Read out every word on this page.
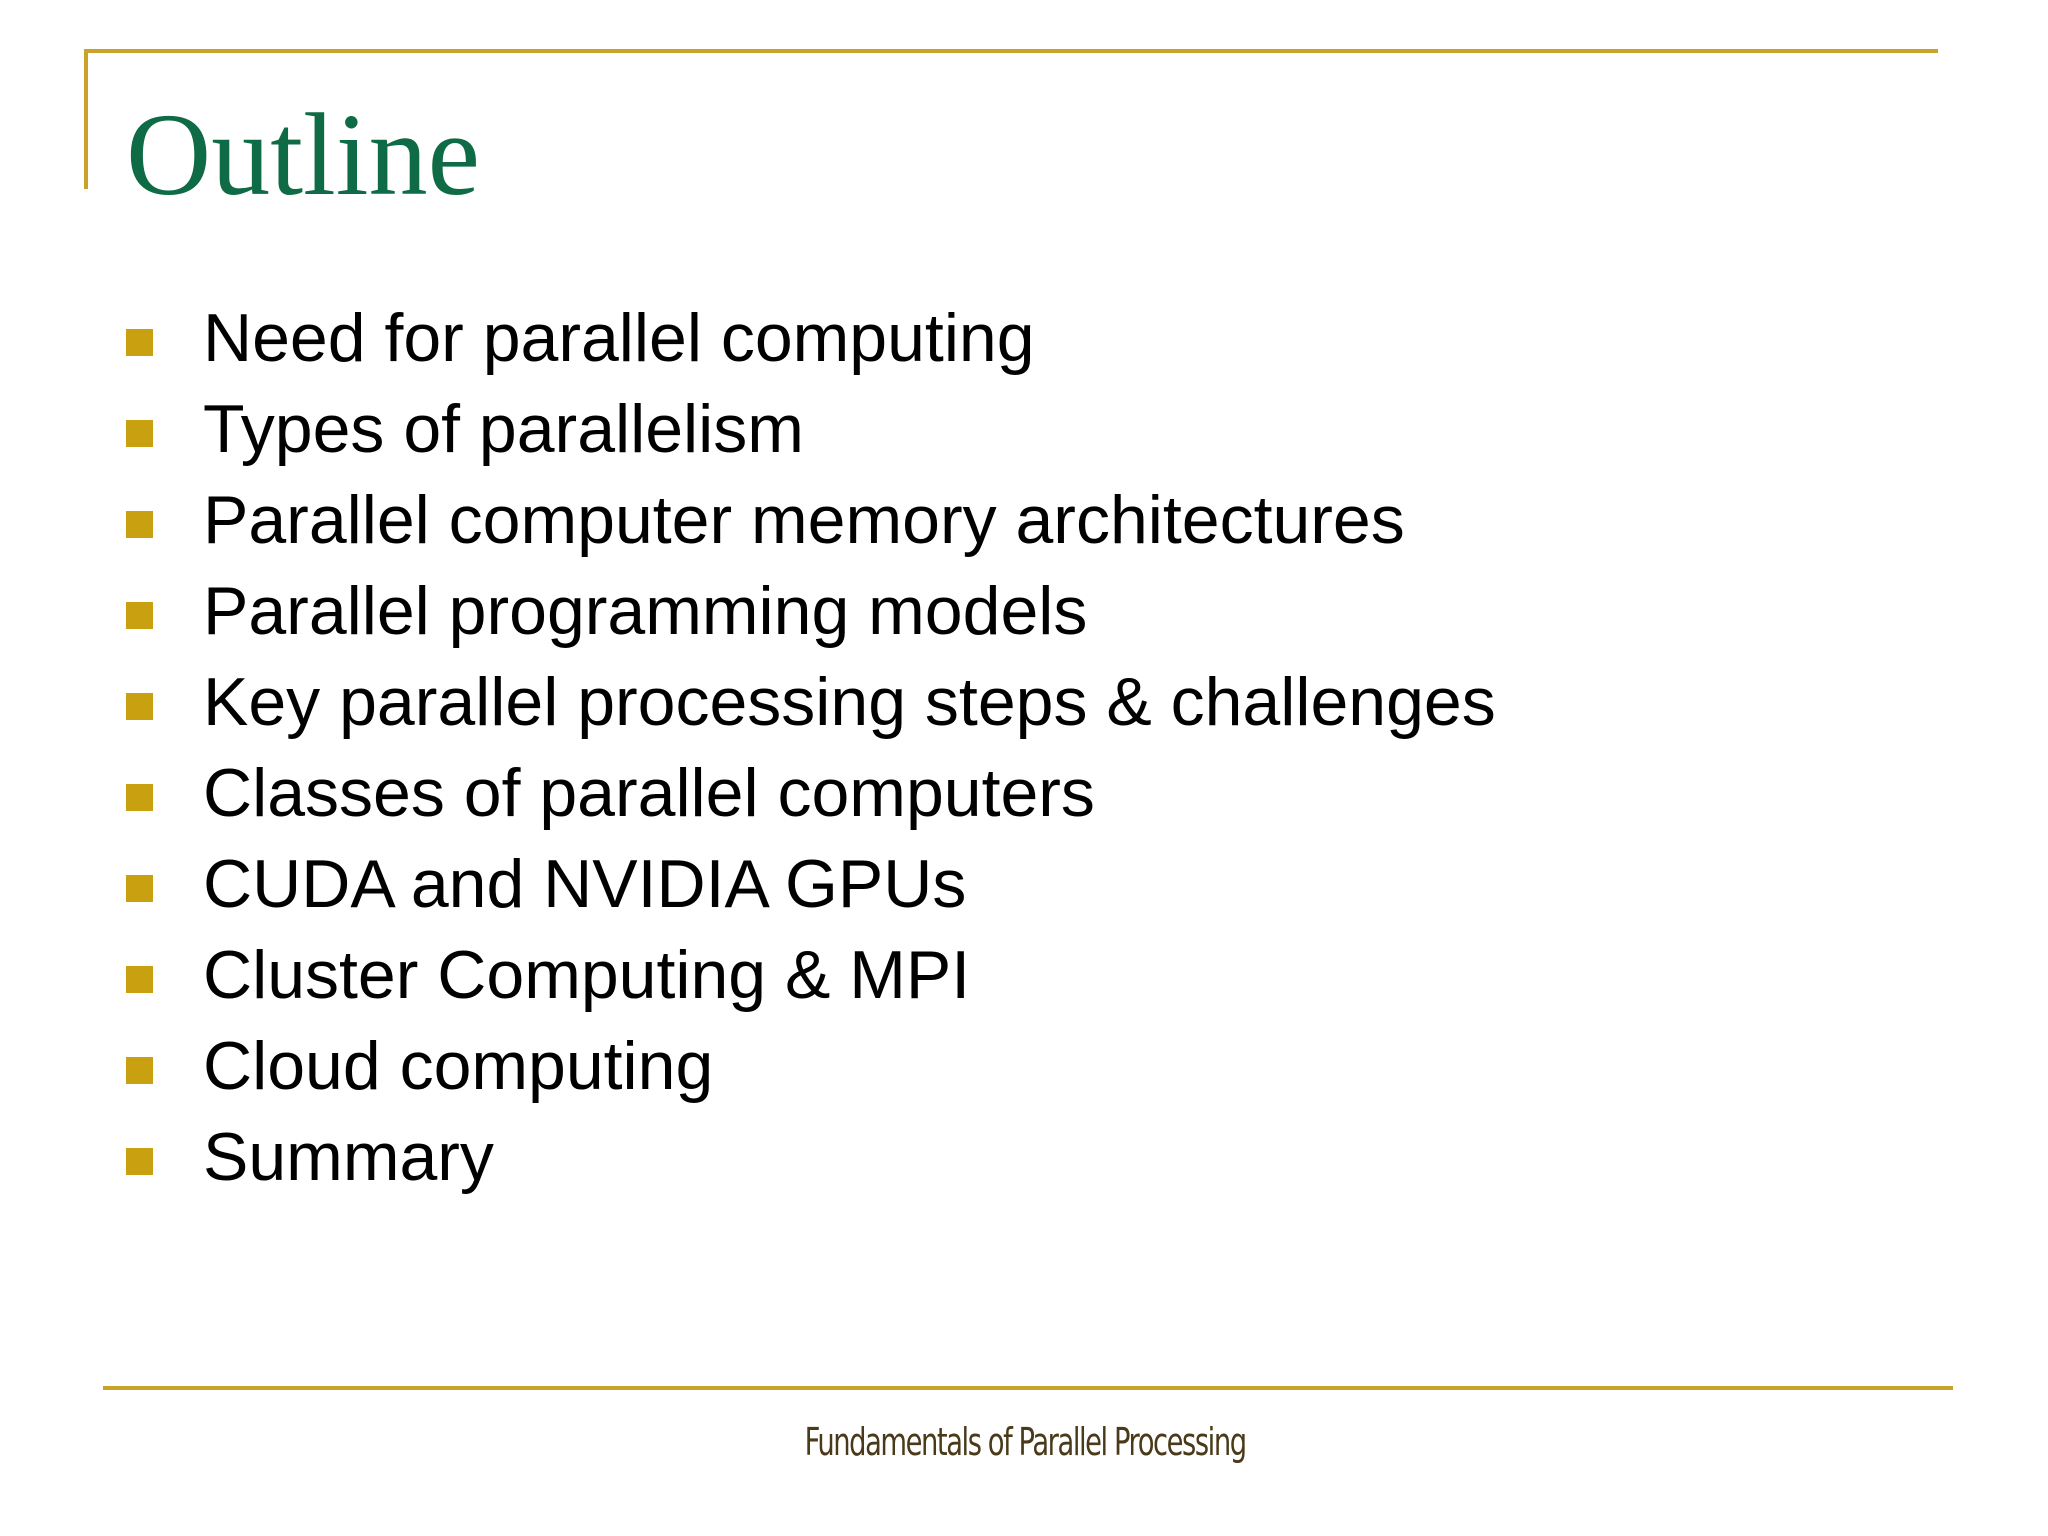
Outline
Need for parallel computing
Types of parallelism
Parallel computer memory architectures
Parallel programming models
Key parallel processing steps & challenges
Classes of parallel computers
CUDA and NVIDIA GPUs
Cluster Computing & MPI
Cloud computing
Summary
Fundamentals of Parallel Processing
